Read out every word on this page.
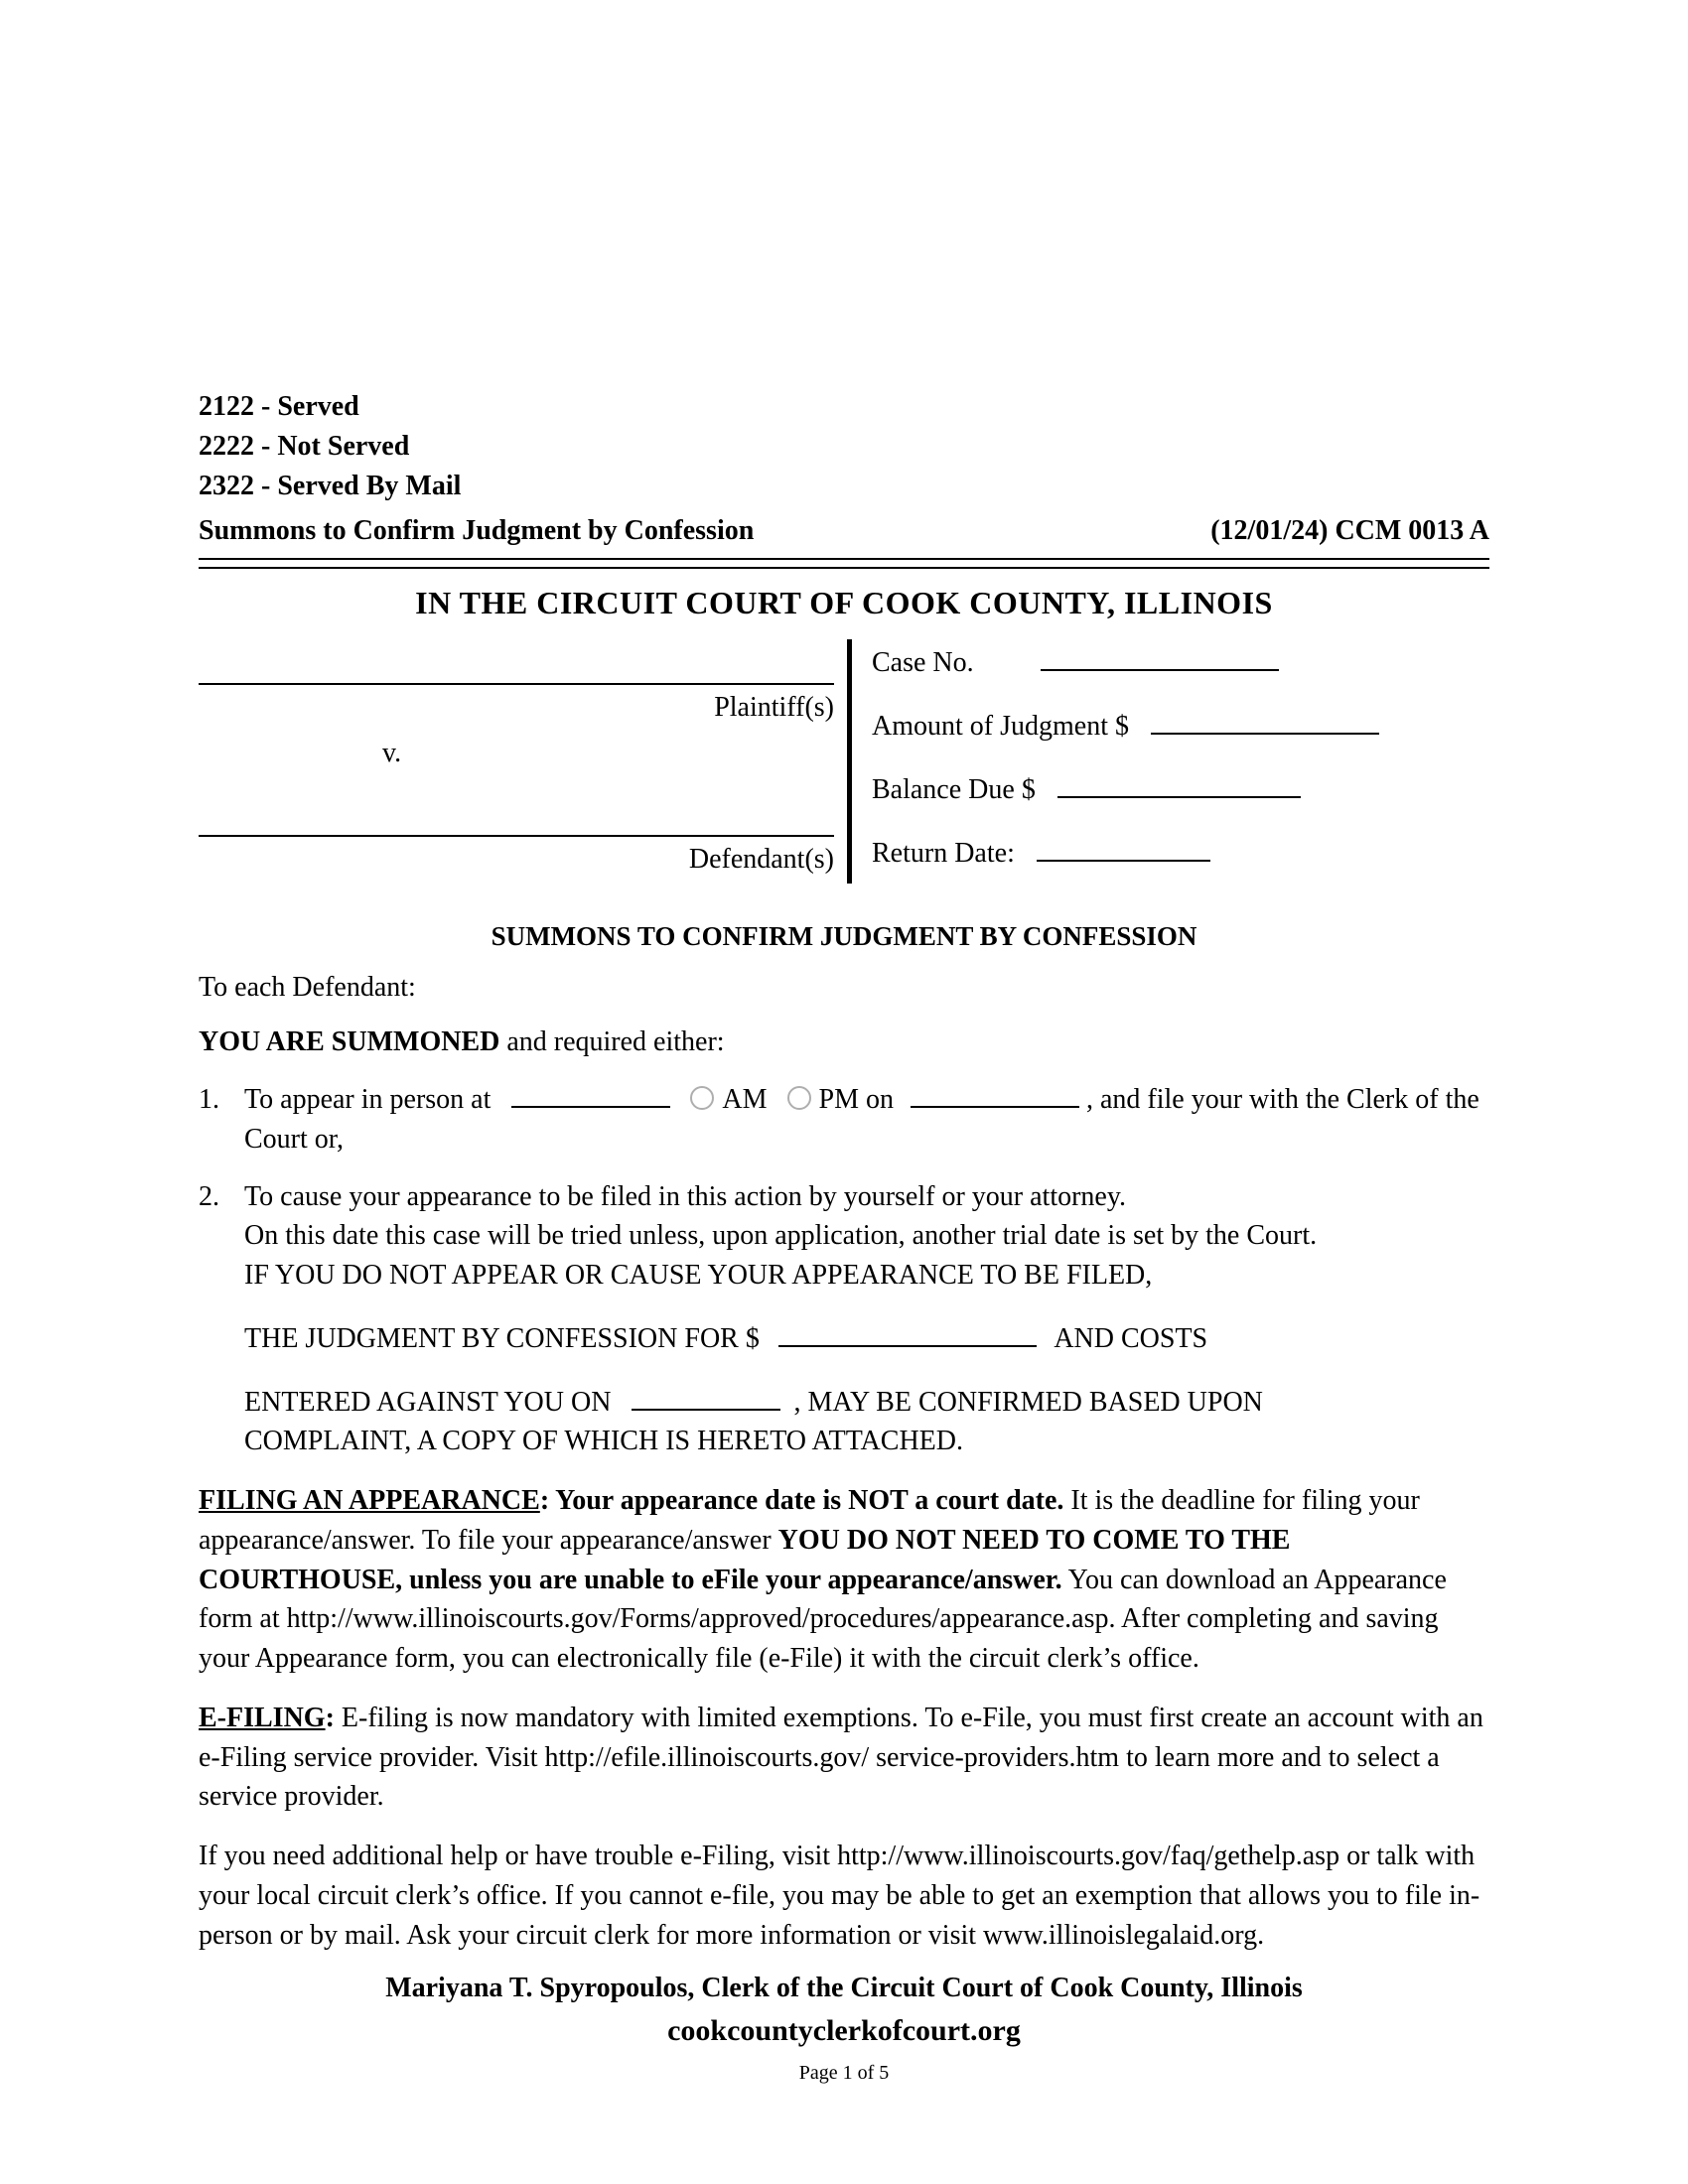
2122 - Served
2222 - Not Served
2322 - Served By Mail
Summons to Confirm Judgment by Confession	(12/01/24) CCM 0013 A
IN THE CIRCUIT COURT OF COOK COUNTY, ILLINOIS
Plaintiff(s)
v.
Defendant(s)
Case No.
Amount of Judgment $
Balance Due $
Return Date:
SUMMONS TO CONFIRM JUDGMENT BY CONFESSION
To each Defendant:
YOU ARE SUMMONED and required either:
1. To appear in person at	AM PM on	, and file your with the Clerk of the Court or,
2. To cause your appearance to be filed in this action by yourself or your attorney.
On this date this case will be tried unless, upon application, another trial date is set by the Court.
IF YOU DO NOT APPEAR OR CAUSE YOUR APPEARANCE TO BE FILED,
THE JUDGMENT BY CONFESSION FOR $	AND COSTS
ENTERED AGAINST YOU ON	, MAY BE CONFIRMED BASED UPON
COMPLAINT, A COPY OF WHICH IS HERETO ATTACHED.
FILING AN APPEARANCE: Your appearance date is NOT a court date. It is the deadline for filing your appearance/answer. To file your appearance/answer YOU DO NOT NEED TO COME TO THE COURTHOUSE, unless you are unable to eFile your appearance/answer. You can download an Appearance form at http://www.illinoiscourts.gov/Forms/approved/procedures/appearance.asp. After completing and saving your Appearance form, you can electronically file (e-File) it with the circuit clerk’s office.
E-FILING: E-filing is now mandatory with limited exemptions. To e-File, you must first create an account with an e-Filing service provider. Visit http://efile.illinoiscourts.gov/ service-providers.htm to learn more and to select a service provider.
If you need additional help or have trouble e-Filing, visit http://www.illinoiscourts.gov/faq/gethelp.asp or talk with your local circuit clerk’s office. If you cannot e-file, you may be able to get an exemption that allows you to file in-person or by mail. Ask your circuit clerk for more information or visit www.illinoislegalaid.org.
Mariyana T. Spyropoulos, Clerk of the Circuit Court of Cook County, Illinois
cookcountyclerkofcourt.org
Page 1 of 5
